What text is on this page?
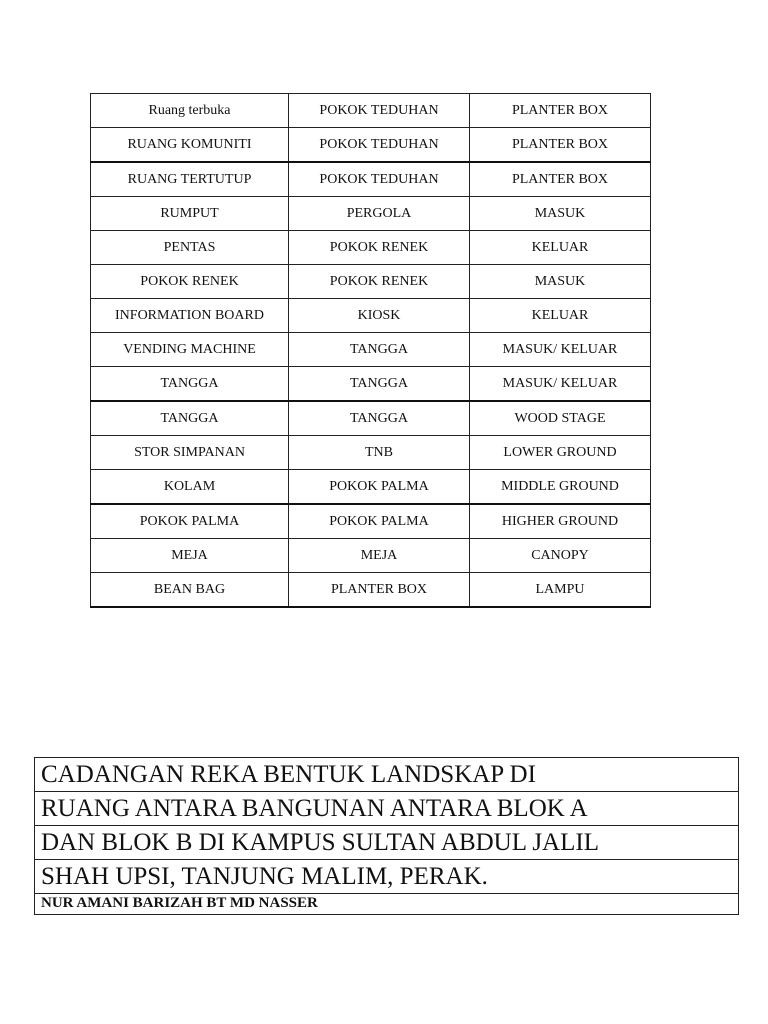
Ruang terbuka	POKOK TEDUHAN	PLANTER BOX
RUANG KOMUNITI	POKOK TEDUHAN	PLANTER BOX
RUANG TERTUTUP	POKOK TEDUHAN	PLANTER BOX
RUMPUT	PERGOLA	MASUK
PENTAS	POKOK RENEK	KELUAR
POKOK RENEK	POKOK RENEK	MASUK
INFORMATION BOARD	KIOSK	KELUAR
VENDING MACHINE	TANGGA	MASUK/ KELUAR
TANGGA	TANGGA	MASUK/ KELUAR
TANGGA	TANGGA	WOOD STAGE
STOR SIMPANAN	TNB	LOWER GROUND
KOLAM	POKOK PALMA	MIDDLE GROUND
POKOK PALMA	POKOK PALMA	HIGHER GROUND
MEJA	MEJA	CANOPY
BEAN BAG	PLANTER BOX	LAMPU
CADANGAN REKA BENTUK LANDSKAP DI
RUANG ANTARA BANGUNAN ANTARA BLOK A
DAN BLOK B DI KAMPUS SULTAN ABDUL JALIL
SHAH UPSI, TANJUNG MALIM, PERAK.
NUR AMANI BARIZAH BT MD NASSER
